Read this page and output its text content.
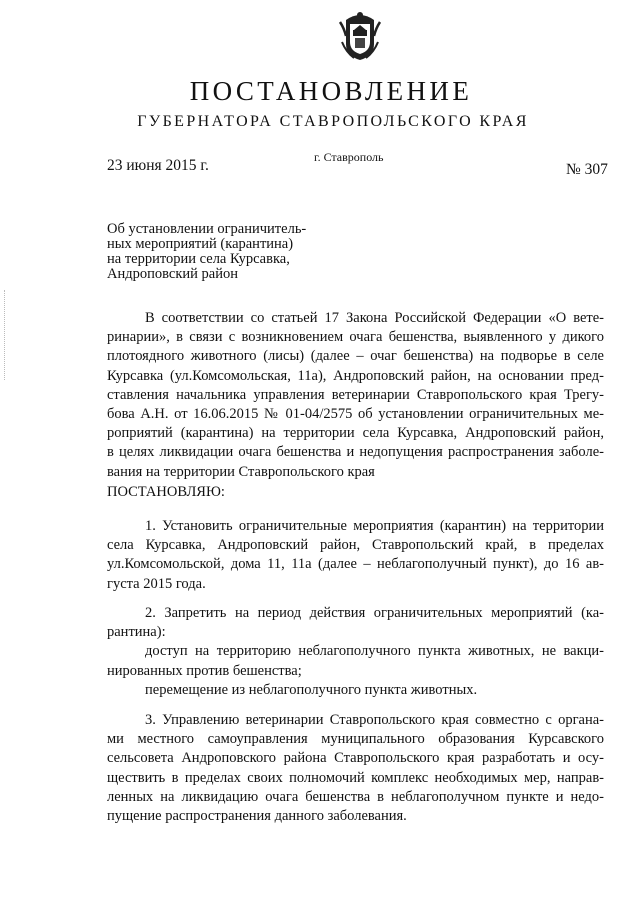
ПОСТАНОВЛЕНИЕ
ГУБЕРНАТОРА СТАВРОПОЛЬСКОГО КРАЯ
г. Ставрополь
23 июня 2015 г.	№ 307
Об установлении ограничитель-
ных мероприятий (карантина)
на территории села Курсавка,
Андроповский район
В соответствии со статьей 17 Закона Российской Федерации «О вете-
ринарии», в связи с возникновением очага бешенства, выявленного у дикого
плотоядного животного (лисы) (далее – очаг бешенства) на подворье в селе
Курсавка (ул.Комсомольская, 11а), Андроповский район, на основании пред-
ставления начальника управления ветеринарии Ставропольского края Трегу-
бова А.Н. от 16.06.2015 № 01-04/2575 об установлении ограничительных ме-
роприятий (карантина) на территории села Курсавка, Андроповский район,
в целях ликвидации очага бешенства и недопущения распространения заболе-
вания на территории Ставропольского края
ПОСТАНОВЛЯЮ:
1. Установить ограничительные мероприятия (карантин) на территории
села Курсавка, Андроповский район, Ставропольский край, в пределах
ул.Комсомольской, дома 11, 11а (далее – неблагополучный пункт), до 16 ав-
густа 2015 года.
2. Запретить на период действия ограничительных мероприятий (ка-
рантина):
доступ на территорию неблагополучного пункта животных, не вакци-
нированных против бешенства;
перемещение из неблагополучного пункта животных.
3. Управлению ветеринарии Ставропольского края совместно с органа-
ми местного самоуправления муниципального образования Курсавского
сельсовета Андроповского района Ставропольского края разработать и осу-
ществить в пределах своих полномочий комплекс необходимых мер, направ-
ленных на ликвидацию очага бешенства в неблагополучном пункте и недо-
пущение распространения данного заболевания.
